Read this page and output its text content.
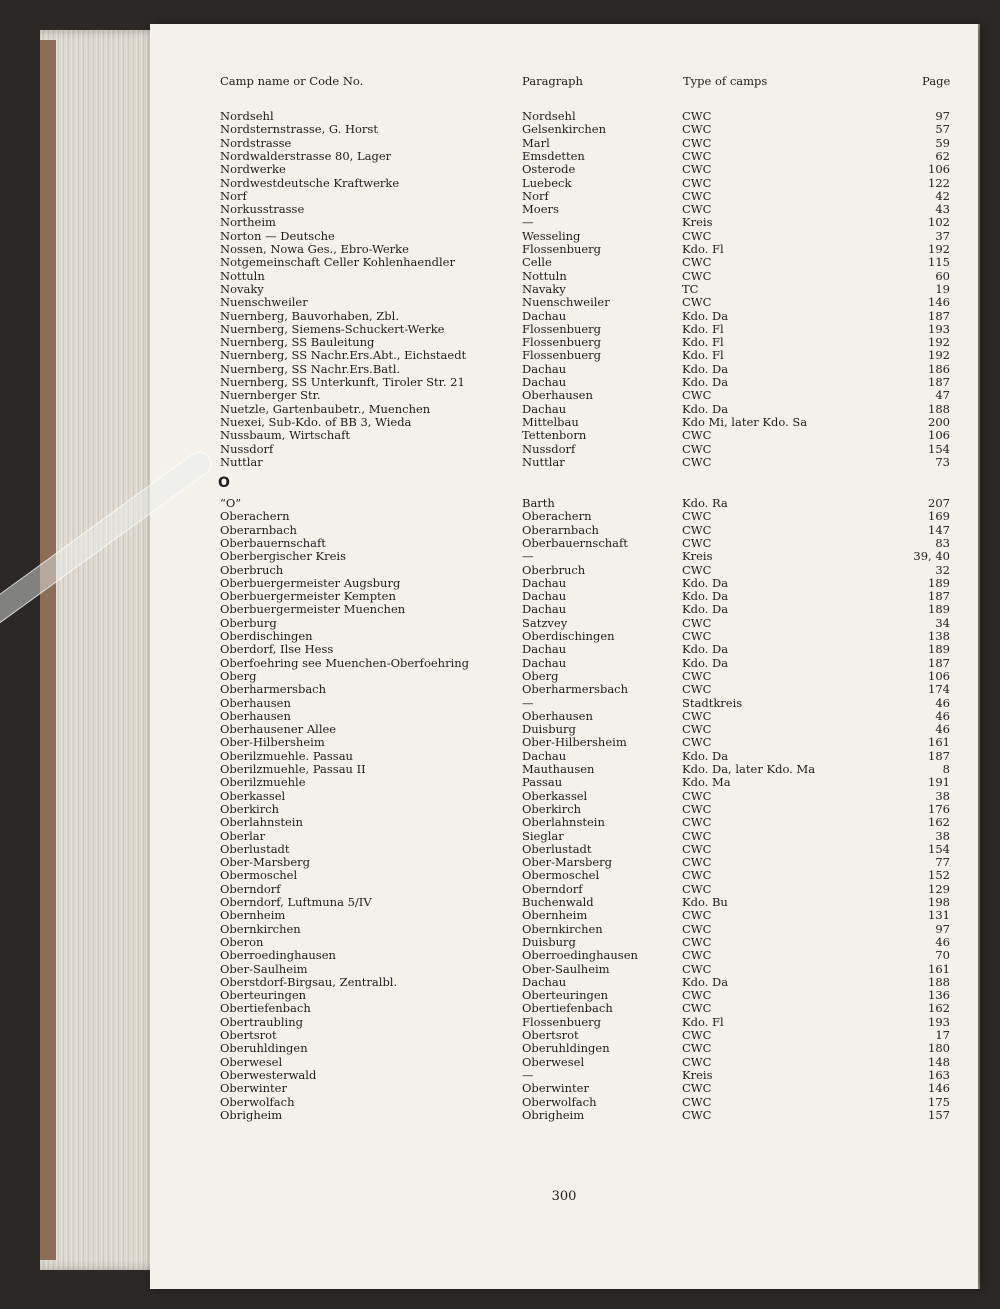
Camp name or Code No.	Paragraph	Type of camps	Page
Nordsehl	Nordsehl	CWC	97
Nordsternstrasse, G. Horst	Gelsenkirchen	CWC	57
Nordstrasse	Marl	CWC	59
Nordwalderstrasse 80, Lager	Emsdetten	CWC	62
Nordwerke	Osterode	CWC	106
Nordwestdeutsche Kraftwerke	Luebeck	CWC	122
Norf	Norf	CWC	42
Norkusstrasse	Moers	CWC	43
Northeim	—	Kreis	102
Norton — Deutsche	Wesseling	CWC	37
Nossen, Nowa Ges., Ebro-Werke	Flossenbuerg	Kdo. Fl	192
Notgemeinschaft Celler Kohlenhaendler	Celle	CWC	115
Nottuln	Nottuln	CWC	60
Novaky	Navaky	TC	19
Nuenschweiler	Nuenschweiler	CWC	146
Nuernberg, Bauvorhaben, Zbl.	Dachau	Kdo. Da	187
Nuernberg, Siemens-Schuckert-Werke	Flossenbuerg	Kdo. Fl	193
Nuernberg, SS Bauleitung	Flossenbuerg	Kdo. Fl	192
Nuernberg, SS Nachr.Ers.Abt., Eichstaedt	Flossenbuerg	Kdo. Fl	192
Nuernberg, SS Nachr.Ers.Batl.	Dachau	Kdo. Da	186
Nuernberg, SS Unterkunft, Tiroler Str. 21	Dachau	Kdo. Da	187
Nuernberger Str.	Oberhausen	CWC	47
Nuetzle, Gartenbaubetr., Muenchen	Dachau	Kdo. Da	188
Nuexei, Sub-Kdo. of BB 3, Wieda	Mittelbau	Kdo Mi, later Kdo. Sa	200
Nussbaum, Wirtschaft	Tettenborn	CWC	106
Nussdorf	Nussdorf	CWC	154
Nuttlar	Nuttlar	CWC	73
O
“O”	Barth	Kdo. Ra	207
Oberachern	Oberachern	CWC	169
Oberarnbach	Oberarnbach	CWC	147
Oberbauernschaft	Oberbauernschaft	CWC	83
Oberbergischer Kreis	—	Kreis	39, 40
Oberbruch	Oberbruch	CWC	32
Oberbuergermeister Augsburg	Dachau	Kdo. Da	189
Oberbuergermeister Kempten	Dachau	Kdo. Da	187
Oberbuergermeister Muenchen	Dachau	Kdo. Da	189
Oberburg	Satzvey	CWC	34
Oberdischingen	Oberdischingen	CWC	138
Oberdorf, Ilse Hess	Dachau	Kdo. Da	189
Oberfoehring see Muenchen-Oberfoehring	Dachau	Kdo. Da	187
Oberg	Oberg	CWC	106
Oberharmersbach	Oberharmersbach	CWC	174
Oberhausen	—	Stadtkreis	46
Oberhausen	Oberhausen	CWC	46
Oberhausener Allee	Duisburg	CWC	46
Ober-Hilbersheim	Ober-Hilbersheim	CWC	161
Oberilzmuehle. Passau	Dachau	Kdo. Da	187
Oberilzmuehle, Passau II	Mauthausen	Kdo. Da, later Kdo. Ma	8
Oberilzmuehle	Passau	Kdo. Ma	191
Oberkassel	Oberkassel	CWC	38
Oberkirch	Oberkirch	CWC	176
Oberlahnstein	Oberlahnstein	CWC	162
Oberlar	Sieglar	CWC	38
Oberlustadt	Oberlustadt	CWC	154
Ober-Marsberg	Ober-Marsberg	CWC	77
Obermoschel	Obermoschel	CWC	152
Oberndorf	Oberndorf	CWC	129
Oberndorf, Luftmuna 5/IV	Buchenwald	Kdo. Bu	198
Obernheim	Obernheim	CWC	131
Obernkirchen	Obernkirchen	CWC	97
Oberon	Duisburg	CWC	46
Oberroedinghausen	Oberroedinghausen	CWC	70
Ober-Saulheim	Ober-Saulheim	CWC	161
Oberstdorf-Birgsau, Zentralbl.	Dachau	Kdo. Da	188
Oberteuringen	Oberteuringen	CWC	136
Obertiefenbach	Obertiefenbach	CWC	162
Obertraubling	Flossenbuerg	Kdo. Fl	193
Obertsrot	Obertsrot	CWC	17
Oberuhldingen	Oberuhldingen	CWC	180
Oberwesel	Oberwesel	CWC	148
Oberwesterwald	—	Kreis	163
Oberwinter	Oberwinter	CWC	146
Oberwolfach	Oberwolfach	CWC	175
Obrigheim	Obrigheim	CWC	157
300
